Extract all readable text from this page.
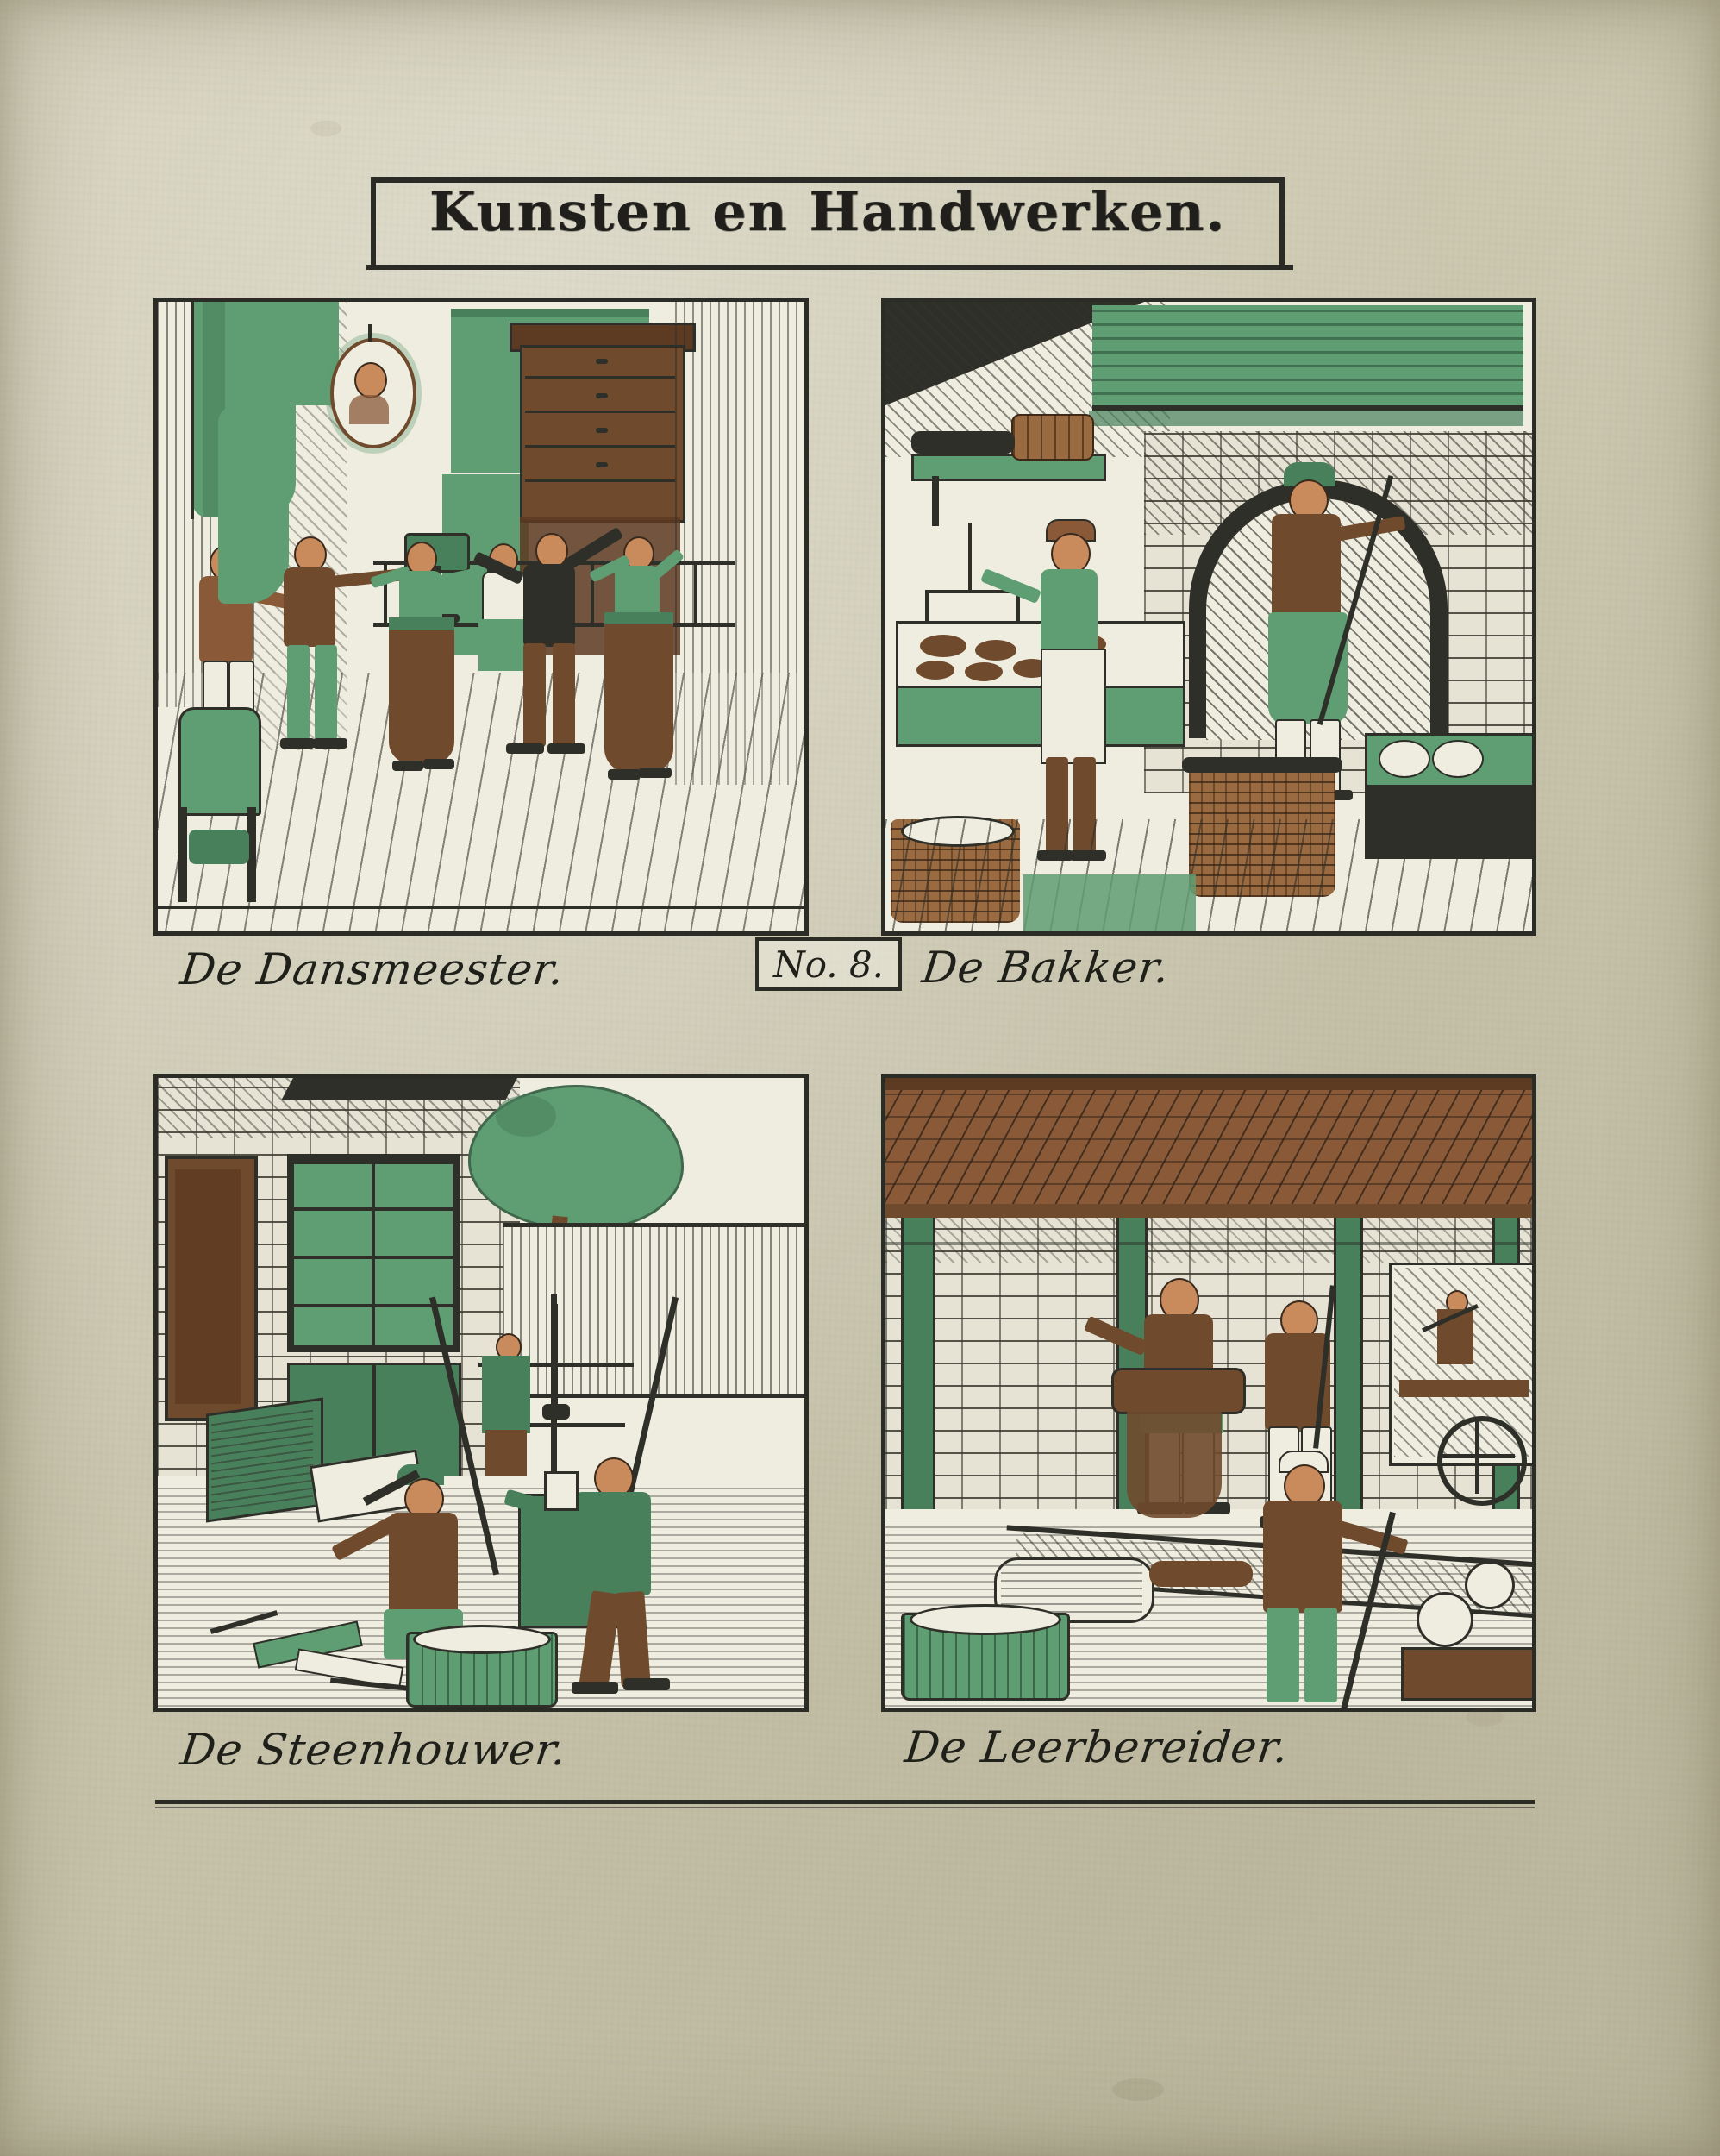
Kunsten en Handwerken.
De Dansmeester.	No. 8. De Bakker.
De Steenhouwer.	De Leerbereider.
